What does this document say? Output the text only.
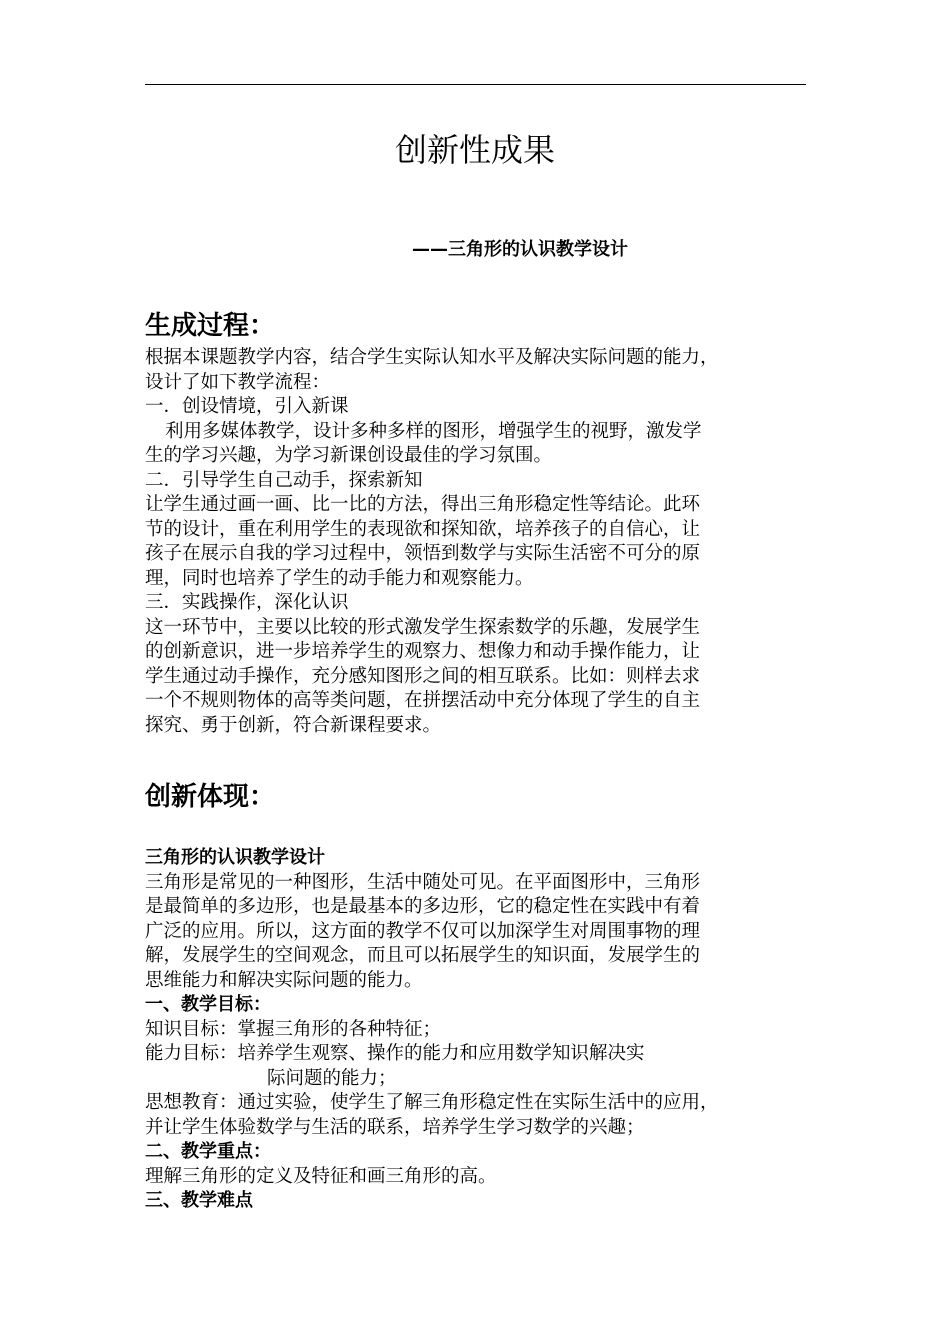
创新性成果
——三角形的认识教学设计
生成过程：
根据本课题教学内容，结合学生实际认知水平及解决实际问题的能力，
设计了如下教学流程：
一．创设情境，引入新课
利用多媒体教学，设计多种多样的图形，增强学生的视野，激发学
生的学习兴趣，为学习新课创设最佳的学习氛围。
二．引导学生自己动手，探索新知
让学生通过画一画、比一比的方法，得出三角形稳定性等结论。此环
节的设计，重在利用学生的表现欲和探知欲，培养孩子的自信心，让
孩子在展示自我的学习过程中，领悟到数学与实际生活密不可分的原
理，同时也培养了学生的动手能力和观察能力。
三．实践操作，深化认识
这一环节中，主要以比较的形式激发学生探索数学的乐趣，发展学生
的创新意识，进一步培养学生的观察力、想像力和动手操作能力，让
学生通过动手操作，充分感知图形之间的相互联系。比如：则样去求
一个不规则物体的高等类问题，在拼摆活动中充分体现了学生的自主
探究、勇于创新，符合新课程要求。
创新体现：
三角形的认识教学设计
三角形是常见的一种图形，生活中随处可见。在平面图形中，三角形
是最简单的多边形，也是最基本的多边形，它的稳定性在实践中有着
广泛的应用。所以，这方面的教学不仅可以加深学生对周围事物的理
解，发展学生的空间观念，而且可以拓展学生的知识面，发展学生的
思维能力和解决实际问题的能力。
一、教学目标：
知识目标：掌握三角形的各种特征；
能力目标：培养学生观察、操作的能力和应用数学知识解决实
际问题的能力；
思想教育：通过实验，使学生了解三角形稳定性在实际生活中的应用，
并让学生体验数学与生活的联系，培养学生学习数学的兴趣；
二、教学重点：
理解三角形的定义及特征和画三角形的高。
三、教学难点
